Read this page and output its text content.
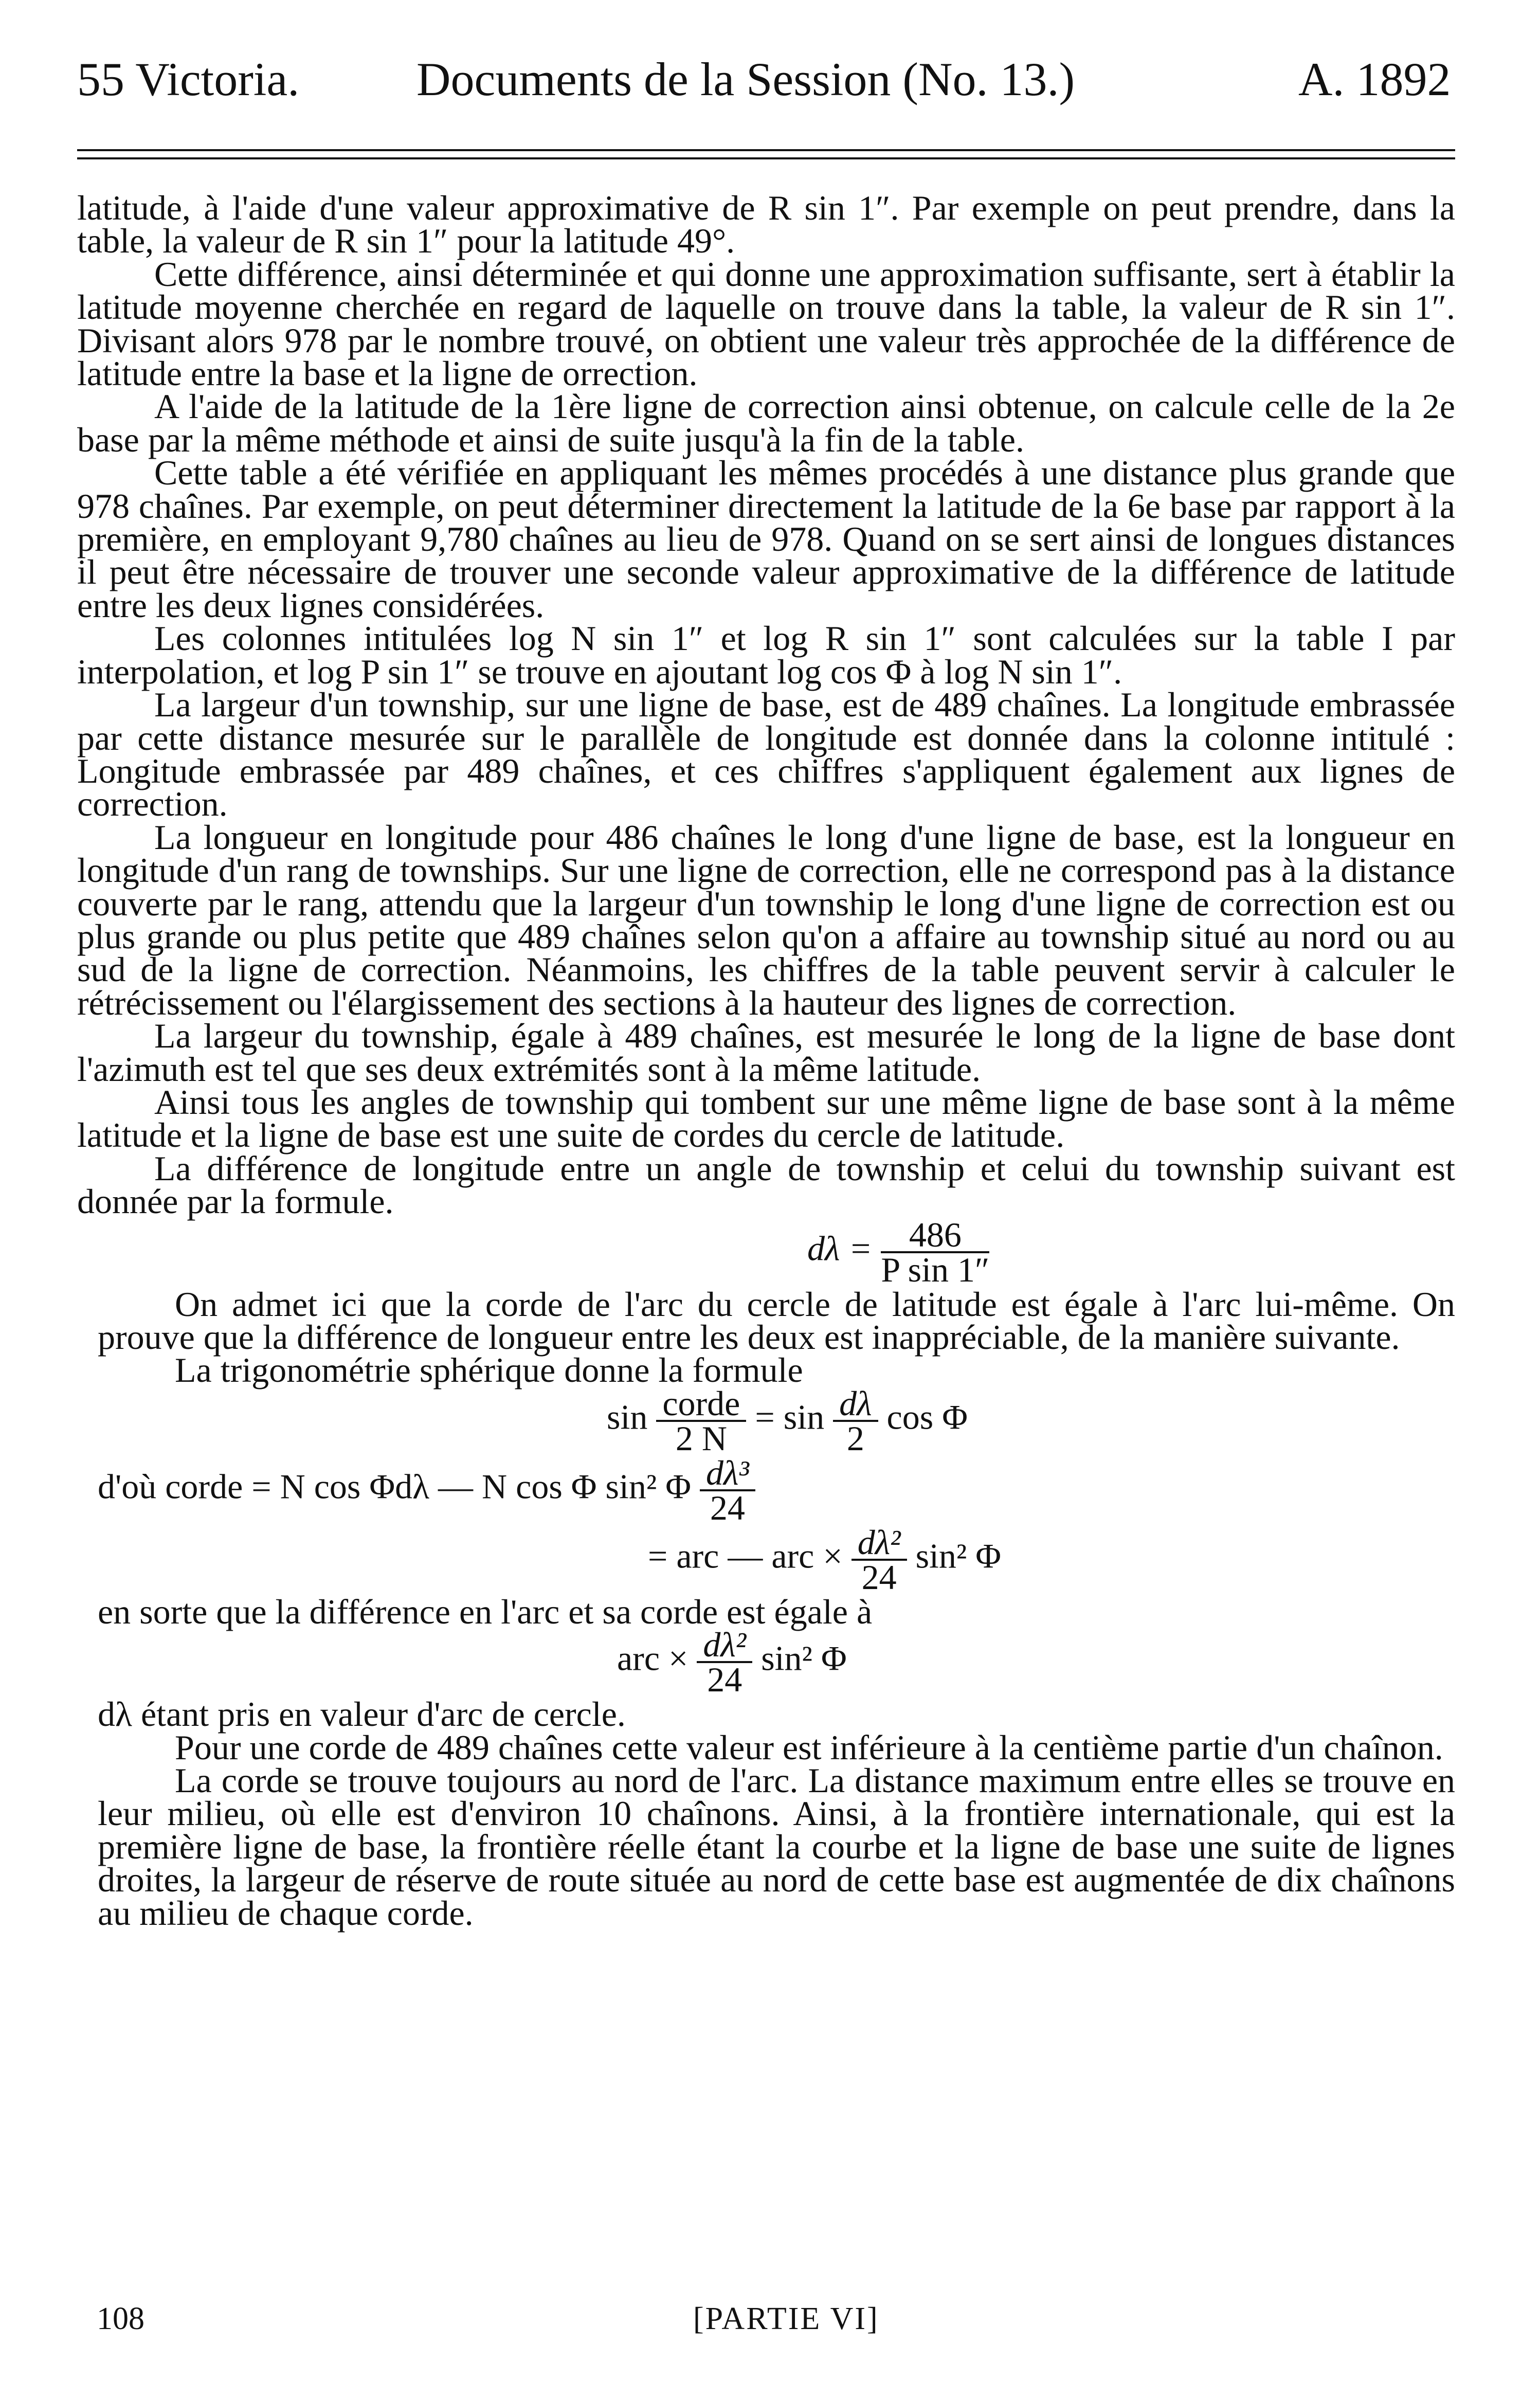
55 Victoria. Documents de la Session (No. 13.)	A. 1892

latitude, à l'aide d'une valeur approximative de R sin 1″. Par exemple on peut prendre, dans la table, la valeur de R sin 1″ pour la latitude 49°.

Cette différence, ainsi déterminée et qui donne une approximation suffisante, sert à établir la latitude moyenne cherchée en regard de laquelle on trouve dans la table, la valeur de R sin 1″. Divisant alors 978 par le nombre trouvé, on obtient une valeur très approchée de la différence de latitude entre la base et la ligne de orrection.

A l'aide de la latitude de la 1ère ligne de correction ainsi obtenue, on calcule celle de la 2e base par la même méthode et ainsi de suite jusqu'à la fin de la table.

Cette table a été vérifiée en appliquant les mêmes procédés à une distance plus grande que 978 chaînes. Par exemple, on peut déterminer directement la latitude de la 6e base par rapport à la première, en employant 9,780 chaînes au lieu de 978. Quand on se sert ainsi de longues distances il peut être nécessaire de trouver une seconde valeur approximative de la différence de latitude entre les deux lignes considérées.

Les colonnes intitulées log N sin 1″ et log R sin 1″ sont calculées sur la table I par interpolation, et log P sin 1″ se trouve en ajoutant log cos Φ à log N sin 1″.

La largeur d'un township, sur une ligne de base, est de 489 chaînes. La longitude embrassée par cette distance mesurée sur le parallèle de longitude est donnée dans la colonne intitulé : Longitude embrassée par 489 chaînes, et ces chiffres s'appliquent également aux lignes de correction.

La longueur en longitude pour 486 chaînes le long d'une ligne de base, est la longueur en longitude d'un rang de townships. Sur une ligne de correction, elle ne correspond pas à la distance couverte par le rang, attendu que la largeur d'un township le long d'une ligne de correction est ou plus grande ou plus petite que 489 chaînes selon qu'on a affaire au township situé au nord ou au sud de la ligne de correction. Néanmoins, les chiffres de la table peuvent servir à calculer le rétrécissement ou l'élargissement des sections à la hauteur des lignes de correction.

La largeur du township, égale à 489 chaînes, est mesurée le long de la ligne de base dont l'azimuth est tel que ses deux extrémités sont à la même latitude.

Ainsi tous les angles de township qui tombent sur une même ligne de base sont à la même latitude et la ligne de base est une suite de cordes du cercle de latitude.

La différence de longitude entre un angle de township et celui du township suivant est donnée par la formule.

$d\lambda = \frac{486}{\text{P sin 1″}}$

On admet ici que la corde de l'arc du cercle de latitude est égale à l'arc lui-même. On prouve que la différence de longueur entre les deux est inappréciable, de la manière suivante.

La trigonométrie sphérique donne la formule

$\sin \frac{\text{corde}}{2 N} = \sin \frac{d\lambda}{2}$ cos Φ
d'où corde = N cos Φdλ — N cos Φ sin² Φ $\frac{\text{dλ³}}{24}$
= arc — arc × $\frac{\text{dλ²}}{24} \sin^2$ Φ

en sorte que la différence en l'arc et sa corde est égale à

arc × $\frac{\text{dλ²}}{24} \sin^2$ Φ

dλ étant pris en valeur d'arc de cercle.

Pour une corde de 489 chaînes cette valeur est inférieure à la centième partie d'un chaînon.

La corde se trouve toujours au nord de l'arc. La distance maximum entre elles se trouve en leur milieu, où elle est d'environ 10 chaînons. Ainsi, à la frontière internationale, qui est la première ligne de base, la frontière réelle étant la courbe et la ligne de base une suite de lignes droites, la largeur de réserve de route située au nord de cette base est augmentée de dix chaînons au milieu de chaque corde.

108	[PARTIE VI]
